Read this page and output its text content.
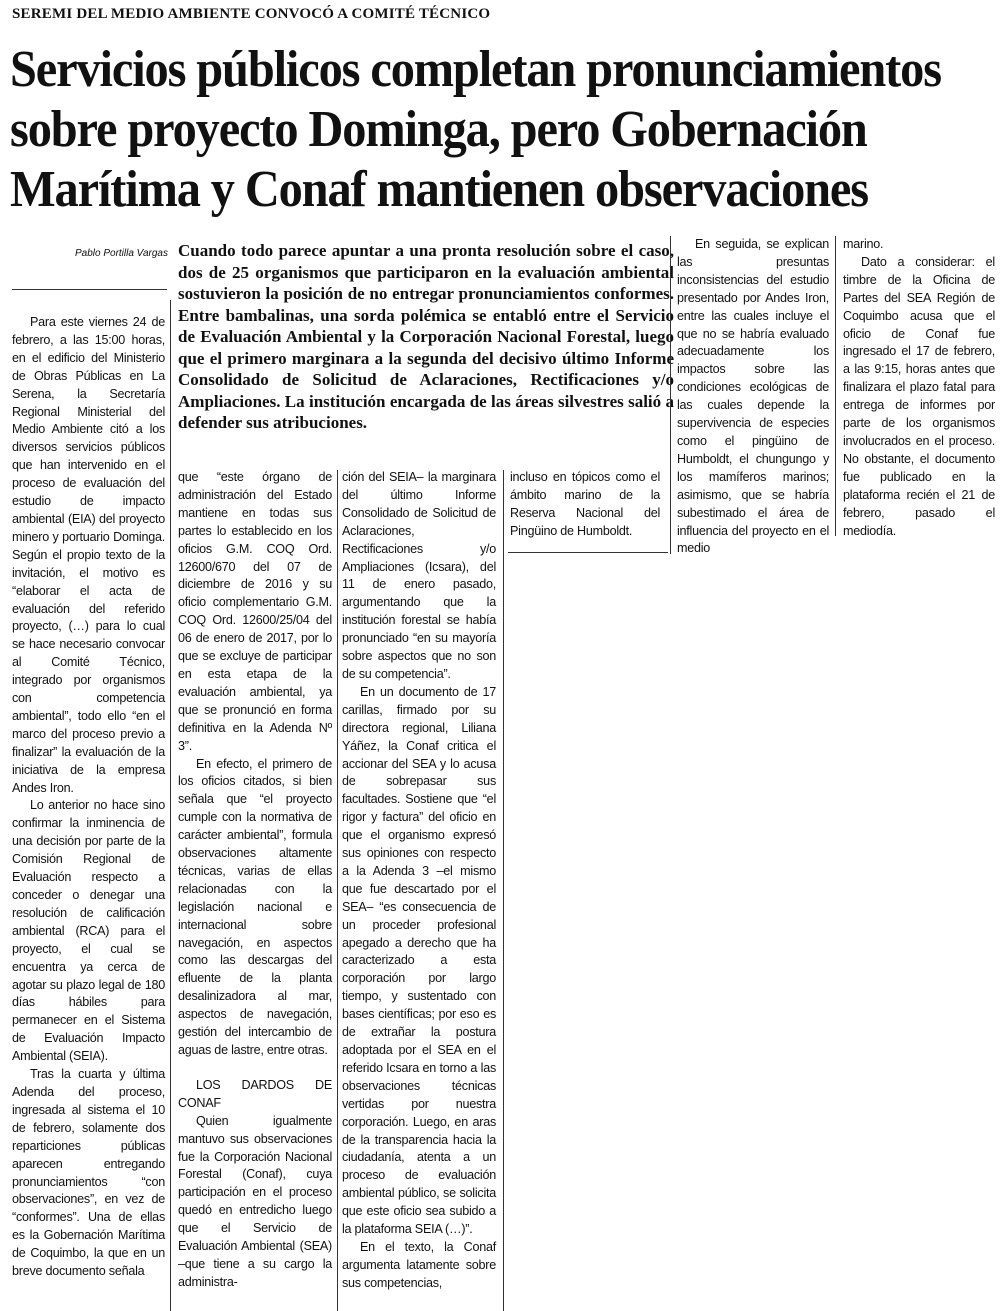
SEREMI DEL MEDIO AMBIENTE CONVOCÓ A COMITÉ TÉCNICO
Servicios públicos completan pronunciamientos sobre proyecto Dominga, pero Gobernación Marítima y Conaf mantienen observaciones
Pablo Portilla Vargas Cuando todo parece apuntar a una pronta resolución sobre el caso, dos de 25 organismos que participaron en la evaluación ambiental sostuvieron la posición de no entregar pronunciamientos conformes. Entre bambalinas, una sorda polémica se entabló entre el Servicio de Evaluación Ambiental y la Corporación Nacional Forestal, luego que el primero marginara a la segunda del decisivo último Informe Consolidado de Solicitud de Aclaraciones, Rectificaciones y/o Ampliaciones. La institución encargada de las áreas silvestres salió a defender sus atribuciones.

Para este viernes 24 de febrero, a las 15:00 horas, en el edificio del Ministerio de Obras Públicas en La Serena, la Secretaría Regional Ministerial del Medio Ambiente citó a los diversos servicios públicos que han intervenido en el proceso de evaluación del estudio de impacto ambiental (EIA) del proyecto minero y portuario Dominga. Según el propio texto de la invitación, el motivo es “elaborar el acta de evaluación del referido proyecto, (…) para lo cual se hace necesario convocar al Comité Técnico, integrado por organismos con competencia ambiental”, todo ello “en el marco del proceso previo a finalizar” la evaluación de la iniciativa de la empresa Andes Iron.

Lo anterior no hace sino confirmar la inminencia de una decisión por parte de la Comisión Regional de Evaluación respecto a conceder o denegar una resolución de calificación ambiental (RCA) para el proyecto, el cual se encuentra ya cerca de agotar su plazo legal de 180 días hábiles para permanecer en el Sistema de Evaluación Impacto Ambiental (SEIA).

Tras la cuarta y última Adenda del proceso, ingresada al sistema el 10 de febrero, solamente dos reparticiones públicas aparecen entregando pronunciamientos “con observaciones”, en vez de “conformes”. Una de ellas es la Gobernación Marítima de Coquimbo, la que en un breve documento señala

que “este órgano de administración del Estado mantiene en todas sus partes lo establecido en los oficios G.M. COQ Ord. 12600/670 del 07 de diciembre de 2016 y su oficio complementario G.M. COQ Ord. 12600/25/04 del 06 de enero de 2017, por lo que se excluye de participar en esta etapa de la evaluación ambiental, ya que se pronunció en forma definitiva en la Adenda Nº 3”.

En efecto, el primero de los oficios citados, si bien señala que “el proyecto cumple con la normativa de carácter ambiental”, formula observaciones altamente técnicas, varias de ellas relacionadas con la legislación nacional e internacional sobre navegación, en aspectos como las descargas del efluente de la planta desalinizadora al mar, aspectos de navegación, gestión del intercambio de aguas de lastre, entre otras.

LOS DARDOS DE CONAF

Quien igualmente mantuvo sus observaciones fue la Corporación Nacional Forestal (Conaf), cuya participación en el proceso quedó en entredicho luego que el Servicio de Evaluación Ambiental (SEA) –que tiene a su cargo la administra-

ción del SEIA– la marginara del último Informe Consolidado de Solicitud de Aclaraciones, Rectificaciones y/o Ampliaciones (Icsara), del 11 de enero pasado, argumentando que la institución forestal se había pronunciado “en su mayoría sobre aspectos que no son de su competencia”.

En un documento de 17 carillas, firmado por su directora regional, Liliana Yáñez, la Conaf critica el accionar del SEA y lo acusa de sobrepasar sus facultades. Sostiene que “el rigor y factura” del oficio en que el organismo expresó sus opiniones con respecto a la Adenda 3 –el mismo que fue descartado por el SEA– “es consecuencia de un proceder profesional apegado a derecho que ha caracterizado a esta corporación por largo tiempo, y sustentado con bases científicas; por eso es de extrañar la postura adoptada por el SEA en el referido Icsara en torno a las observaciones técnicas vertidas por nuestra corporación. Luego, en aras de la transparencia hacia la ciudadanía, atenta a un proceso de evaluación ambiental público, se solicita que este oficio sea subido a la plataforma SEIA (…)”.

En el texto, la Conaf argumenta latamente sobre sus competencias,

incluso en tópicos como el ámbito marino de la Reserva Nacional del Pingüino de Humboldt.

En seguida, se explican las presuntas inconsistencias del estudio presentado por Andes Iron, entre las cuales incluye el que no se habría evaluado adecuadamente los impactos sobre las condiciones ecológicas de las cuales depende la supervivencia de especies como el pingüino de Humboldt, el chungungo y los mamíferos marinos; asimismo, que se habría subestimado el área de influencia del proyecto en el medio

marino.

Dato a considerar: el timbre de la Oficina de Partes del SEA Región de Coquimbo acusa que el oficio de Conaf fue ingresado el 17 de febrero, a las 9:15, horas antes que finalizara el plazo fatal para entrega de informes por parte de los organismos involucrados en el proceso. No obstante, el documento fue publicado en la plataforma recién el 21 de febrero, pasado el mediodía.
